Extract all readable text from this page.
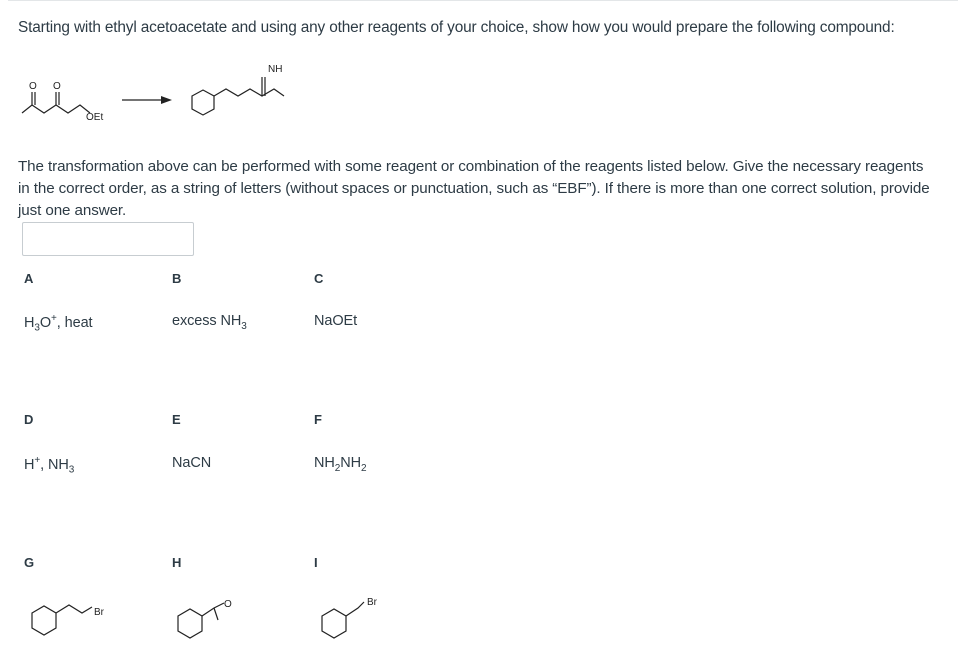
Starting with ethyl acetoacetate and using any other reagents of your choice, show how you would prepare the following compound:
O O
OEt
NH
The transformation above can be performed with some reagent or combination of the reagents listed below. Give the necessary reagents in the correct order, as a string of letters (without spaces or punctuation, such as “EBF”). If there is more than one correct solution, provide just one answer.
A
$H_3O^+$, heat
B
excess $NH_3$
C
NaOEt
D
H+, $NH_3$
E
NaCN
F
$NH_2NH_2$
G
Br
H
O
I
Br
